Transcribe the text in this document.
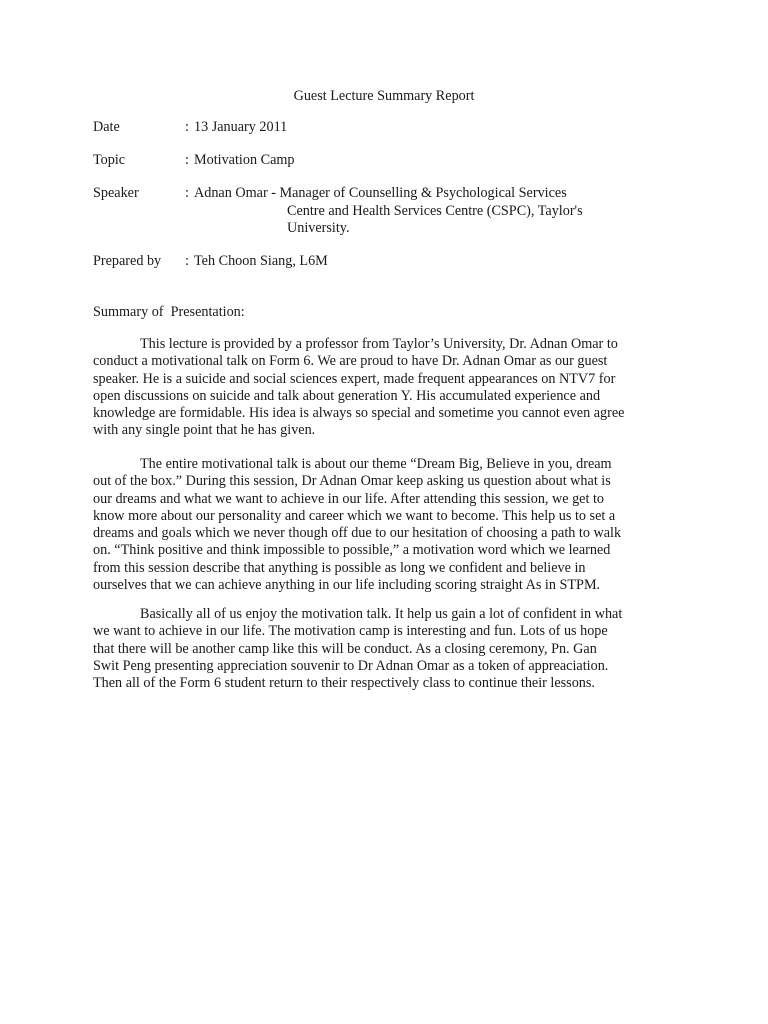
Guest Lecture Summary Report
Date	: 13 January 2011
Topic	: Motivation Camp
Speaker	: Adnan Omar - Manager of Counselling & Psychological Services
Centre and Health Services Centre (CSPC), Taylor's
University.
Prepared by : Teh Choon Siang, L6M
Summary of  Presentation:
This lecture is provided by a professor from Taylor’s University, Dr. Adnan Omar to
conduct a motivational talk on Form 6. We are proud to have Dr. Adnan Omar as our guest
speaker. He is a suicide and social sciences expert, made frequent appearances on NTV7 for
open discussions on suicide and talk about generation Y. His accumulated experience and
knowledge are formidable. His idea is always so special and sometime you cannot even agree
with any single point that he has given.
The entire motivational talk is about our theme “Dream Big, Believe in you, dream
out of the box.” During this session, Dr Adnan Omar keep asking us question about what is
our dreams and what we want to achieve in our life. After attending this session, we get to
know more about our personality and career which we want to become. This help us to set a
dreams and goals which we never though off due to our hesitation of choosing a path to walk
on. “Think positive and think impossible to possible,” a motivation word which we learned
from this session describe that anything is possible as long we confident and believe in
ourselves that we can achieve anything in our life including scoring straight As in STPM.
Basically all of us enjoy the motivation talk. It help us gain a lot of confident in what
we want to achieve in our life. The motivation camp is interesting and fun. Lots of us hope
that there will be another camp like this will be conduct. As a closing ceremony, Pn. Gan
Swit Peng presenting appreciation souvenir to Dr Adnan Omar as a token of appreaciation.
Then all of the Form 6 student return to their respectively class to continue their lessons.
